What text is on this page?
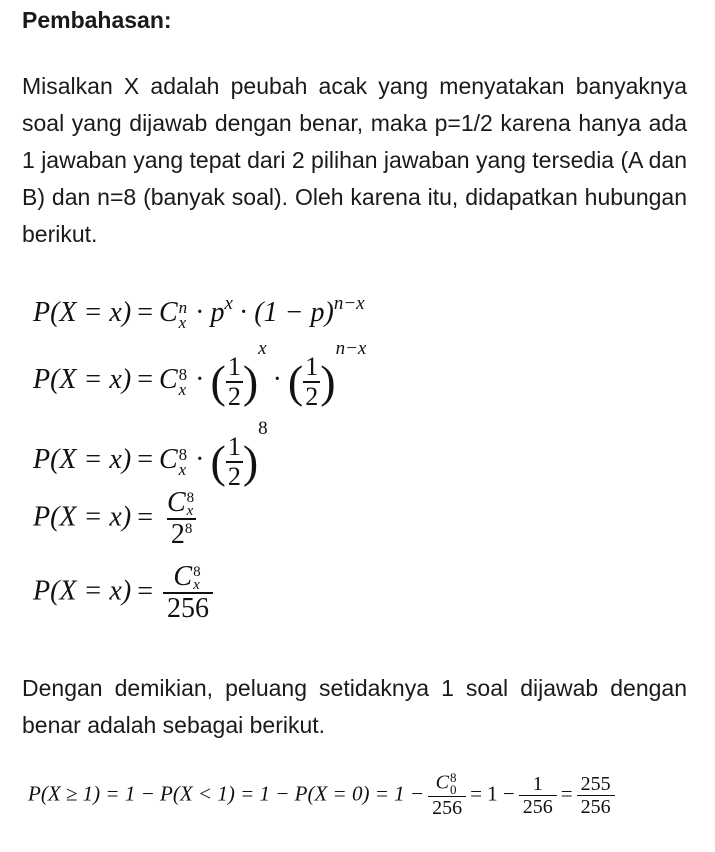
Pembahasan:
Misalkan X adalah peubah acak yang menyatakan banyaknya soal yang dijawab dengan benar, maka p=1/2 karena hanya ada 1 jawaban yang tepat dari 2 pilihan jawaban yang tersedia (A dan B) dan n=8 (banyak soal). Oleh karena itu, didapatkan hubungan berikut.
P(X = x) = C n
$x \cdot p^x \cdot (1 - p)^{n-x}$
P(X = x) = C 8
x · ( 1
2 )
$^x$· ( 1
2 )
$^{n-x}$
P(X = x) = C 8
x · ( 1
2 )
$^8$
P(X = x) = C 8
x
$2^8$
P(X = x) = C 8
x
256
Dengan demikian, peluang setidaknya 1 soal dijawab dengan benar adalah sebagai berikut.
P(X ≥ 1) = 1 − P(X < 1) = 1 − P(X = 0) = 1 − C 8
0
$256 = 1 - \frac{1}{256} = \frac{255}{256}$
